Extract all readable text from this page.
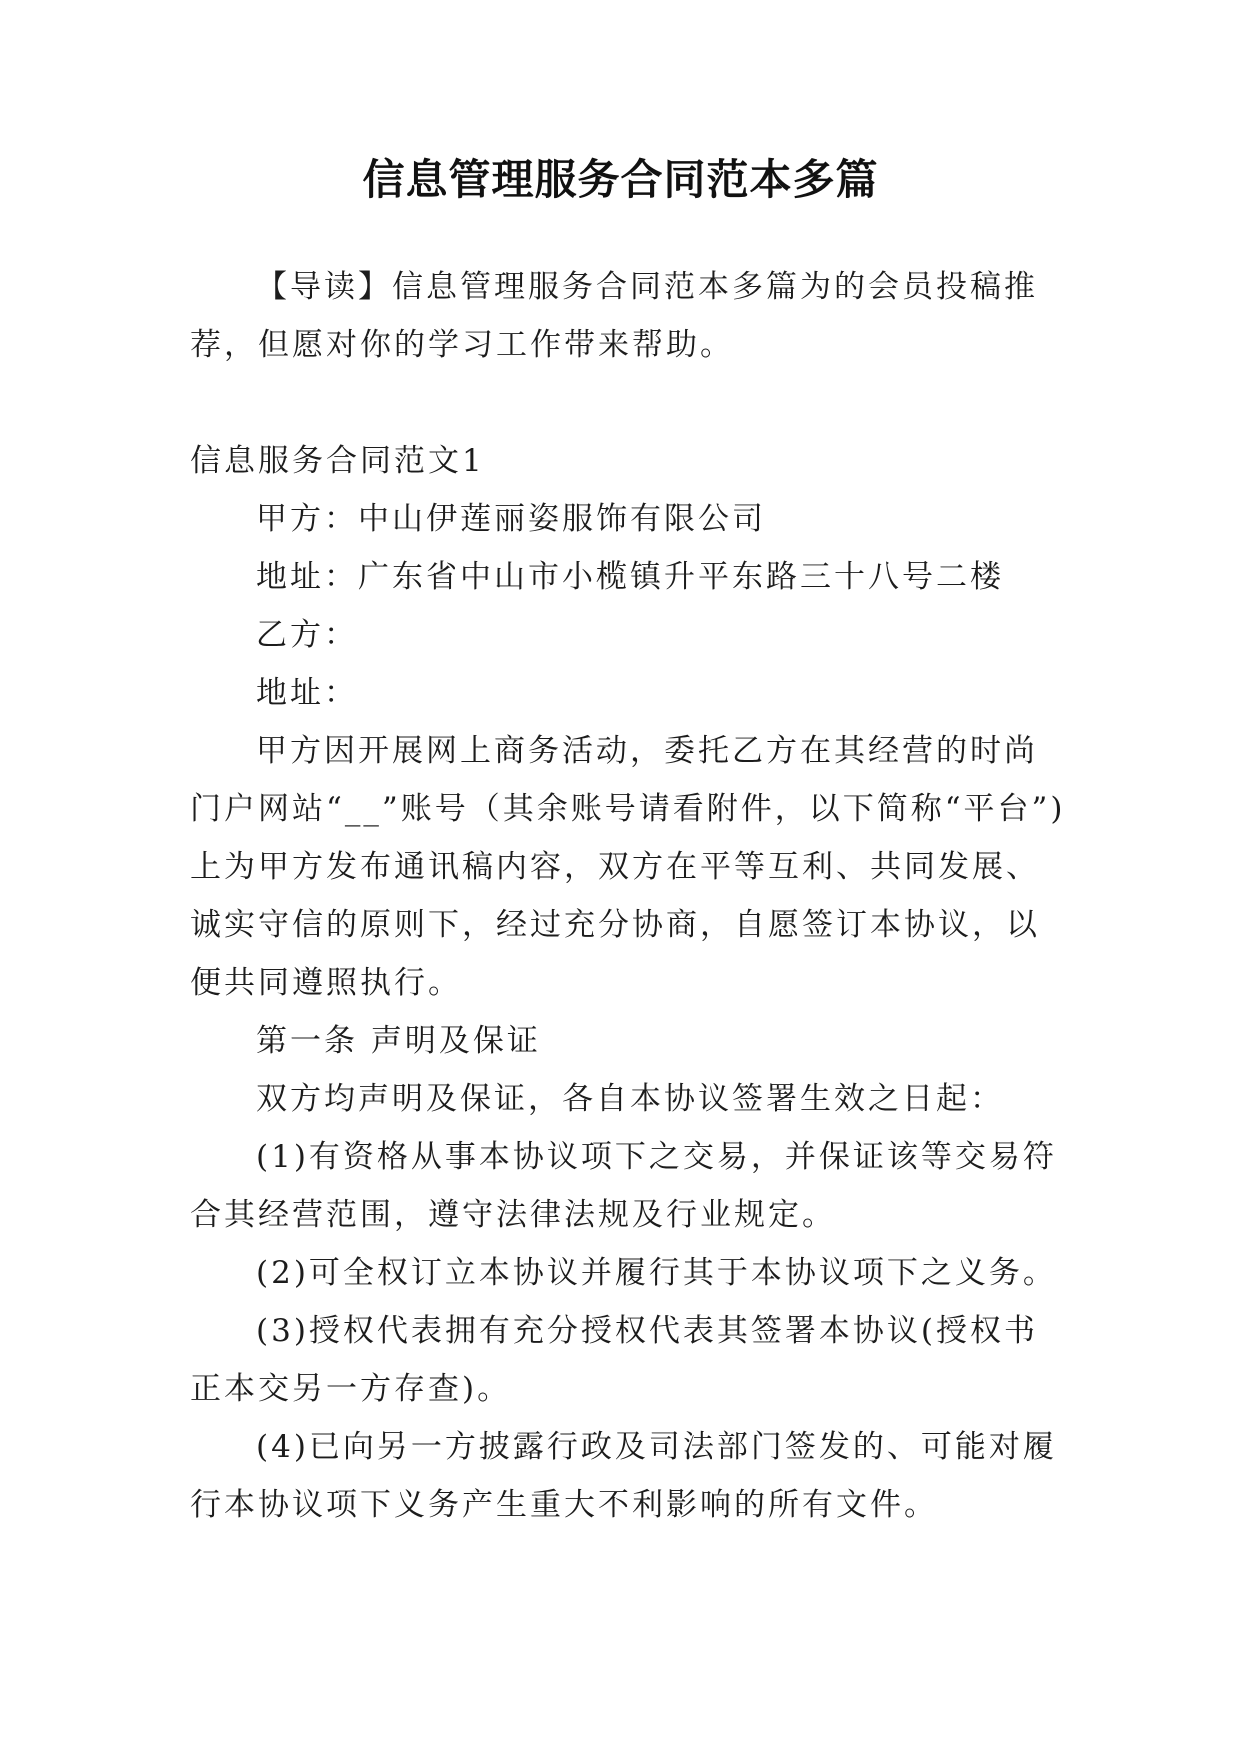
信息管理服务合同范本多篇

【导读】信息管理服务合同范本多篇为的会员投稿推荐，但愿对你的学习工作带来帮助。

信息服务合同范文1

甲方：中山伊莲丽姿服饰有限公司

地址：广东省中山市小榄镇升平东路三十八号二楼

乙方：

地址：

甲方因开展网上商务活动，委托乙方在其经营的时尚门户网站“__”账号（其余账号请看附件，以下简称“平台”)上为甲方发布通讯稿内容，双方在平等互利、共同发展、诚实守信的原则下，经过充分协商，自愿签订本协议，以便共同遵照执行。

第一条 声明及保证

双方均声明及保证，各自本协议签署生效之日起：

(1)有资格从事本协议项下之交易，并保证该等交易符合其经营范围，遵守法律法规及行业规定。

(2)可全权订立本协议并履行其于本协议项下之义务。

(3)授权代表拥有充分授权代表其签署本协议(授权书正本交另一方存查)。

(4)已向另一方披露行政及司法部门签发的、可能对履行本协议项下义务产生重大不利影响的所有文件。
